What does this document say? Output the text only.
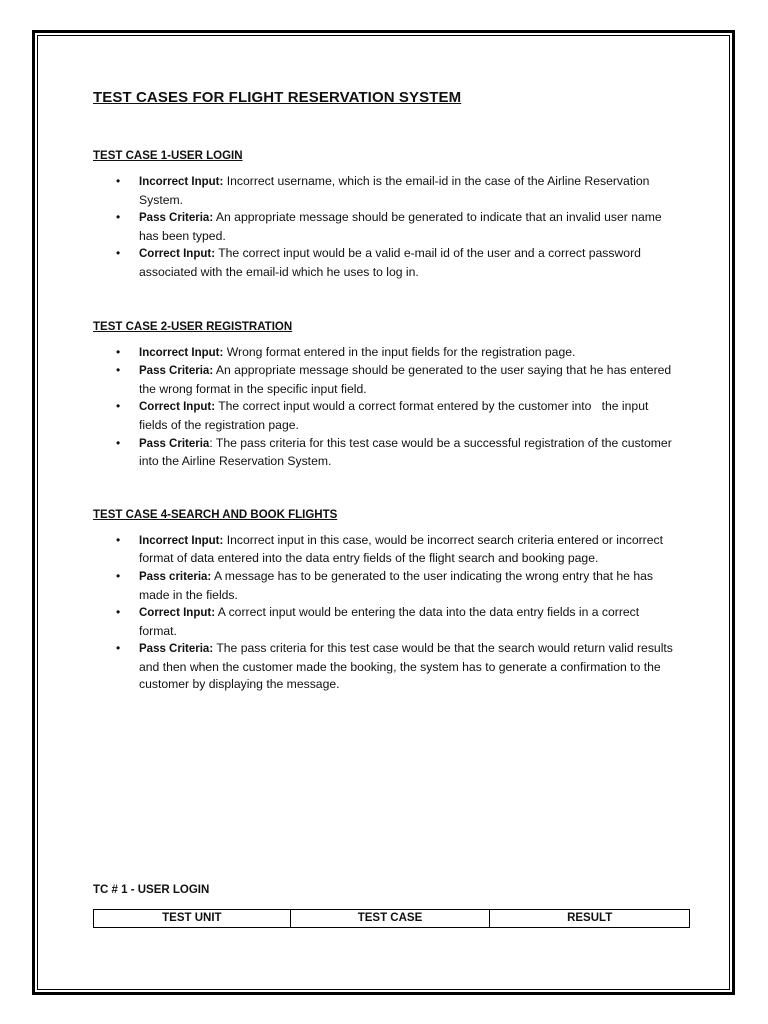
TEST CASES FOR FLIGHT RESERVATION SYSTEM
TEST CASE 1-USER LOGIN
• Incorrect Input: Incorrect username, which is the email-id in the case of the Airline Reservation System.
• Pass Criteria: An appropriate message should be generated to indicate that an invalid user name has been typed.
• Correct Input: The correct input would be a valid e-mail id of the user and a correct password associated with the email-id which he uses to log in.
TEST CASE 2-USER REGISTRATION
• Incorrect Input: Wrong format entered in the input fields for the registration page.
• Pass Criteria: An appropriate message should be generated to the user saying that he has entered the wrong format in the specific input field.
• Correct Input: The correct input would a correct format entered by the customer into   the input fields of the registration page.
• Pass Criteria: The pass criteria for this test case would be a successful registration of the customer into the Airline Reservation System.
TEST CASE 4-SEARCH AND BOOK FLIGHTS
• Incorrect Input: Incorrect input in this case, would be incorrect search criteria entered or incorrect format of data entered into the data entry fields of the flight search and booking page.
• Pass criteria: A message has to be generated to the user indicating the wrong entry that he has made in the fields.
• Correct Input: A correct input would be entering the data into the data entry fields in a correct format.
• Pass Criteria: The pass criteria for this test case would be that the search would return valid results and then when the customer made the booking, the system has to generate a confirmation to the customer by displaying the message.
TC # 1 - USER LOGIN
TEST UNIT	TEST CASE	RESULT
